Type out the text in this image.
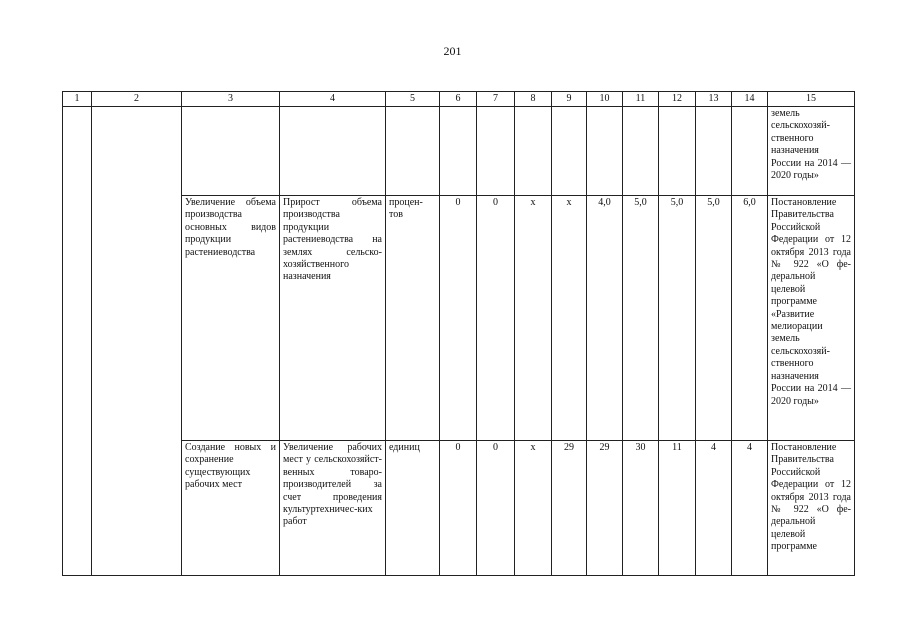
201
1	2	3	4	5	6	7	8	9	10	11	12	13	14	15
														земель сельскохозяй-ственного назначения России на 2014 — 2020 годы»
		Увеличение объема производства основных видов продукции растениеводства	Прирост объема производства продукции растениеводства на землях сельско-хозяйственного назначения	процен-тов	0	0	х	х	4,0	5,0	5,0	5,0	6,0	Постановление Правительства Российской Федерации от 12 октября 2013 года № 922 «О фе-деральной целевой программе «Развитие мелиорации земель сельскохозяй-ственного назначения России на 2014 — 2020 годы»
		Создание новых и сохранение существующих рабочих мест	Увеличение рабочих мест у сельскохозяйст-венных товаро-производителей за счет проведения культуртехничес-ких работ	единиц	0	0	х	29	29	30	11	4	4	Постановление Правительства Российской Федерации от 12 октября 2013 года № 922 «О фе-деральной целевой программе
